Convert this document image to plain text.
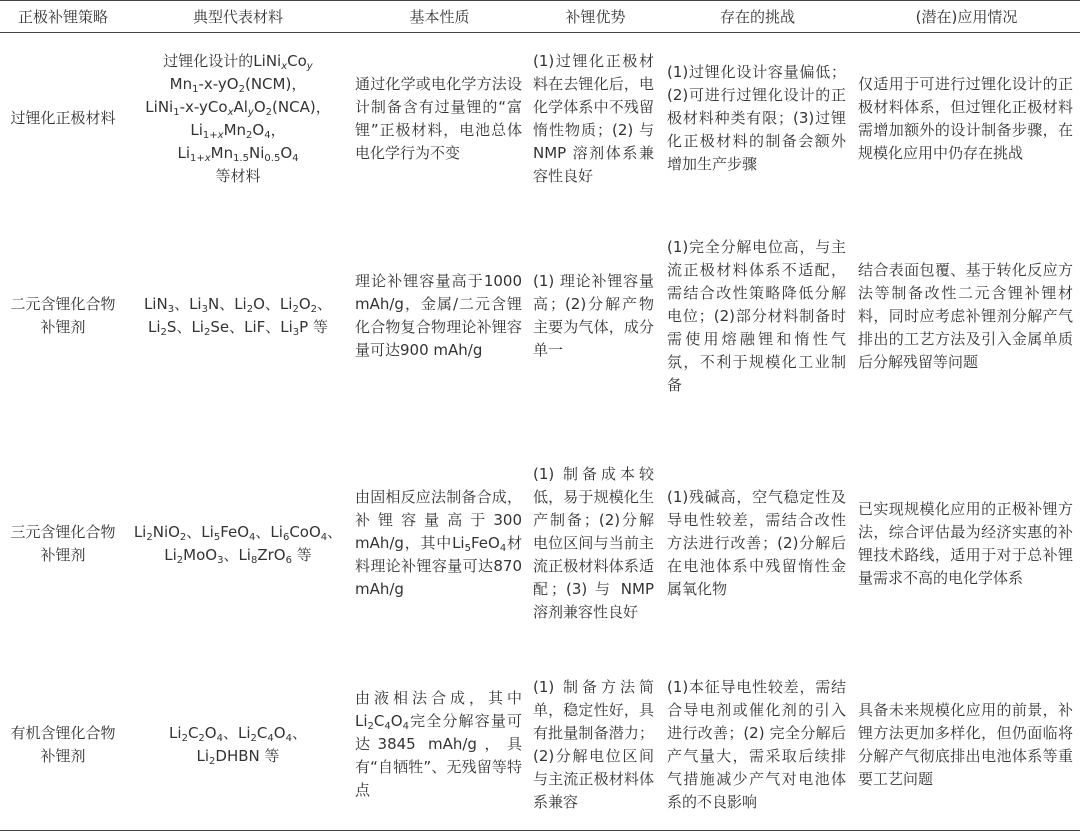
正极补锂策略	典型代表材料	基本性质	补锂优势	存在的挑战	(潜在)应用情况
过锂化正极材料	过锂化设计的$LiNi_xCo_y$
$Mn_1-x-yO_2(NCM)$，
$LiNi_1-x-yCo_xAl_yO_2(NCA)$，
$Li_{1+x}Mn_2O_4$，$Li_{1+x}Mn_{1.5}Ni_{0.5}O_4$
等材料	通过化学或电化学方法设计制备含有过量锂的“富锂”正极材料，电池总体电化学行为不变	(1)过锂化正极材料在去锂化后，电化学体系中不残留惰性物质；(2) 与 NMP 溶剂体系兼容性良好	(1)过锂化设计容量偏低；(2)可进行过锂化设计的正极材料种类有限；(3)过锂化正极材料的制备会额外增加生产步骤	仅适用于可进行过锂化设计的正极材料体系，但过锂化正极材料需增加额外的设计制备步骤，在规模化应用中仍存在挑战
二元含锂化合物补锂剂	LiN$_3$、$Li_3N$、$Li_2O$、$Li_2O_2$、
$Li_2S$、$Li_2Se$、LiF、$Li_3P$ 等	理论补锂容量高于1000 mAh/g，金属/二元含锂化合物复合物理论补锂容量可达900 mAh/g	(1) 理论补锂容量高；(2)分解产物主要为气体，成分单一	(1)完全分解电位高，与主流正极材料体系不适配，需结合改性策略降低分解电位；(2)部分材料制备时需使用熔融锂和惰性气氛，不利于规模化工业制备	结合表面包覆、基于转化反应方法等制备改性二元含锂补锂材料，同时应考虑补锂剂分解产气排出的工艺方法及引入金属单质后分解残留等问题
三元含锂化合物补锂剂	$Li_2NiO_2$、$Li_5FeO_4$、$Li_6CoO_4$、
$Li_2MoO_3$、$Li_8ZrO_6$ 等	由固相反应法制备合成，补锂容量高于300 mAh/g，其中$Li_5FeO_4$材料理论补锂容量可达870 mAh/g	(1) 制备成本较低，易于规模化生产制备；(2)分解电位区间与当前主流正极材料体系适配；(3) 与 NMP 溶剂兼容性良好	(1)残碱高，空气稳定性及导电性较差，需结合改性方法进行改善；(2)分解后在电池体系中残留惰性金属氧化物	已实现规模化应用的正极补锂方法，综合评估最为经济实惠的补锂技术路线，适用于对于总补锂量需求不高的电化学体系
有机含锂化合物补锂剂	$Li_2C_2O_4$、$Li_2C_4O_4$、
$Li_2DHBN$ 等	由液相法合成，其中$Li_2C_4O_4$完全分解容量可达3845 mAh/g，具有“自牺牲”、无残留等特点	(1) 制备方法简单，稳定性好，具有批量制备潜力；(2)分解电位区间与主流正极材料体系兼容	(1)本征导电性较差，需结合导电剂或催化剂的引入进行改善；(2) 完全分解后产气量大，需采取后续排气措施减少产气对电池体系的不良影响	具备未来规模化应用的前景，补锂方法更加多样化，但仍面临将分解产气彻底排出电池体系等重要工艺问题
